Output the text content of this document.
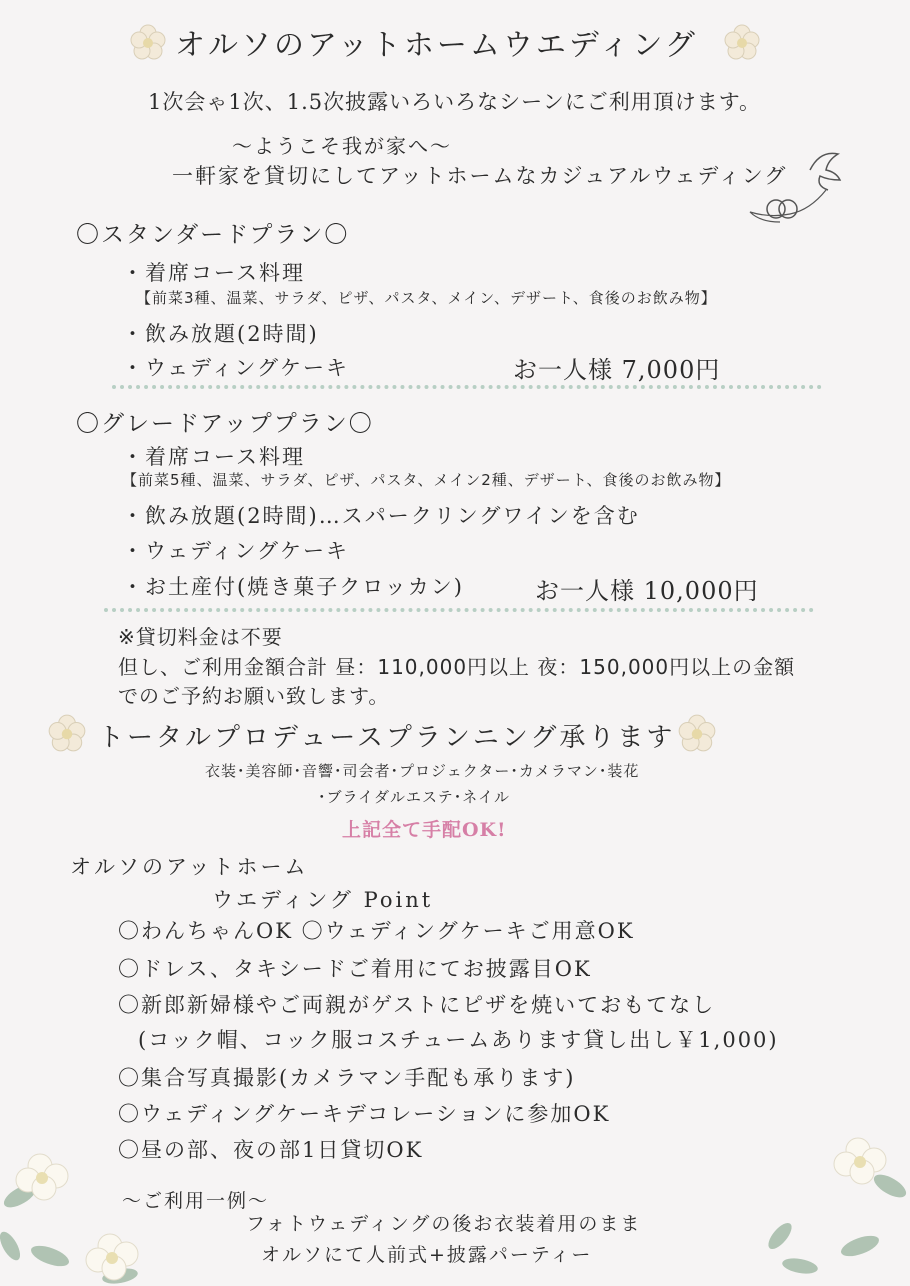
オルソのアットホームウエディング
1次会ゃ1次、1.5次披露いろいろなシーンにご利用頂けます。
〜ようこそ我が家へ〜
一軒家を貸切にしてアットホームなカジュアルウェディング
〇スタンダードプラン〇
・着席コース料理
【前菜3種、温菜、サラダ、ピザ、パスタ、メイン、デザート、食後のお飲み物】
・飲み放題(2時間)
・ウェディングケーキ	お一人様 7,000円
〇グレードアッププラン〇
・着席コース料理
【前菜5種、温菜、サラダ、ピザ、パスタ、メイン2種、デザート、食後のお飲み物】
・飲み放題(2時間)…スパークリングワインを含む
・ウェディングケーキ
・お土産付(焼き菓子クロッカン)	お一人様 10,000円
※貸切料金は不要
但し、ご利用金額合計 昼：110,000円以上 夜：150,000円以上の金額
でのご予約お願い致します。
トータルプロデュースプランニング承ります
衣装･美容師･音響･司会者･プロジェクター･カメラマン･装花
･ブライダルエステ･ネイル
上記全て手配OK!
オルソのアットホーム
ウエディング Point
〇わんちゃんOK 〇ウェディングケーキご用意OK
〇ドレス、タキシードご着用にてお披露目OK
〇新郎新婦様やご両親がゲストにピザを焼いておもてなし
(コック帽、コック服コスチュームあります貸し出し￥1,000)
〇集合写真撮影(カメラマン手配も承ります)
〇ウェディングケーキデコレーションに参加OK
〇昼の部、夜の部1日貸切OK
〜ご利用一例〜
フォトウェディングの後お衣装着用のまま
オルソにて人前式+披露パーティー
